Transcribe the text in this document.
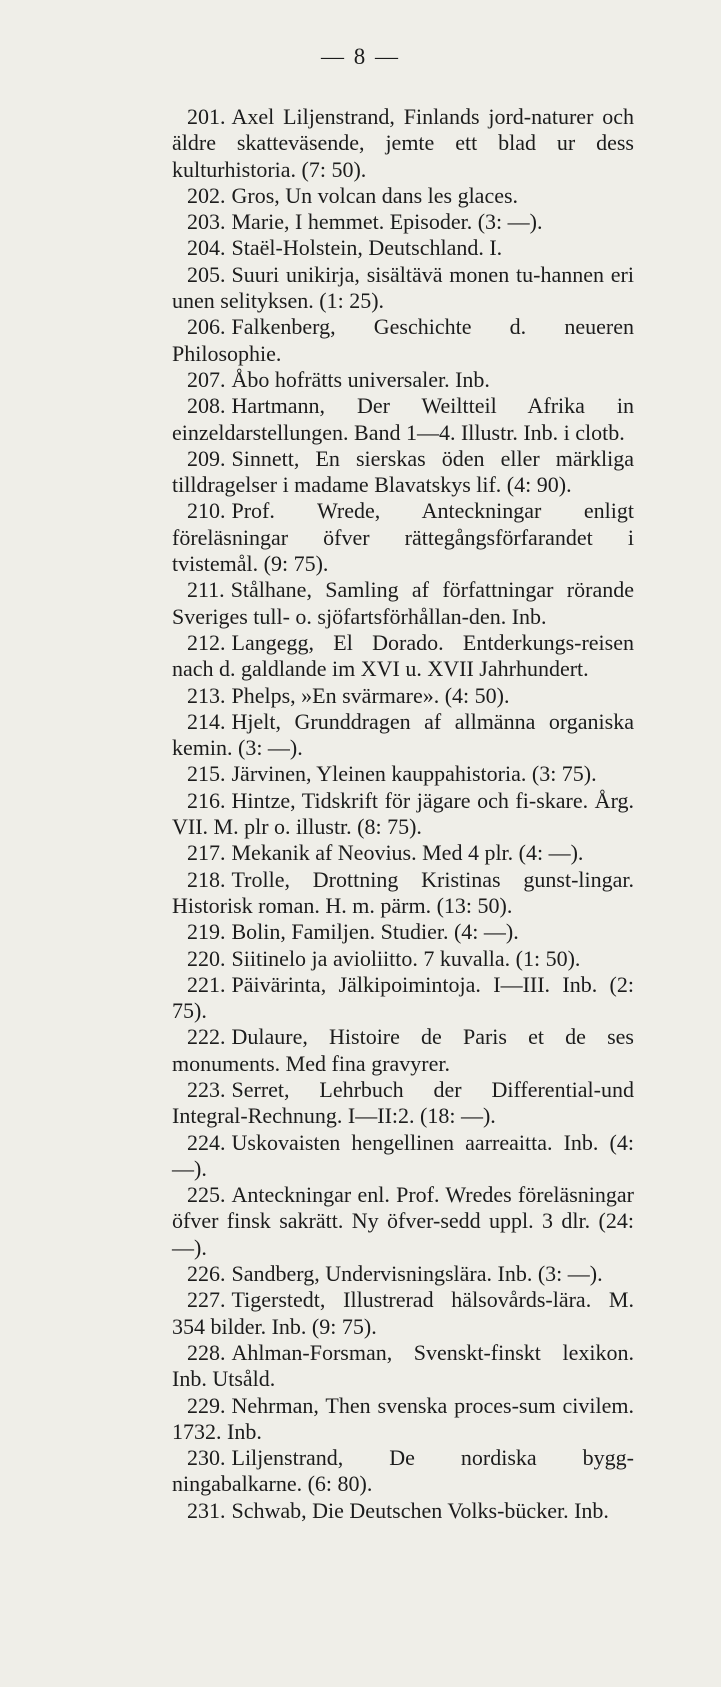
— 8 —

201. Axel Liljenstrand, Finlands jord-naturer och äldre skatteväsende, jemte ett blad ur dess kulturhistoria. (7: 50).

202. Gros, Un volcan dans les glaces.

203. Marie, I hemmet. Episoder. (3: —).

204. Staël-Holstein, Deutschland. I.

205. Suuri unikirja, sisältävä monen tu-hannen eri unen selityksen. (1: 25).

206. Falkenberg, Geschichte d. neueren Philosophie.

207. Åbo hofrätts universaler. Inb.

208. Hartmann, Der Weiltteil Afrika in einzeldarstellungen. Band 1—4. Illustr. Inb. i clotb.

209. Sinnett, En sierskas öden eller märkliga tilldragelser i madame Blavatskys lif. (4: 90).

210. Prof. Wrede, Anteckningar enligt föreläsningar öfver rättegångsförfarandet i tvistemål. (9: 75).

211. Stålhane, Samling af författningar rörande Sveriges tull- o. sjöfartsförhållan-den. Inb.

212. Langegg, El Dorado. Entderkungs-reisen nach d. galdlande im XVI u. XVII Jahrhundert.

213. Phelps, »En svärmare». (4: 50).

214. Hjelt, Grunddragen af allmänna organiska kemin. (3: —).

215. Järvinen, Yleinen kauppahistoria. (3: 75).

216. Hintze, Tidskrift för jägare och fi-skare. Årg. VII. M. plr o. illustr. (8: 75).

217. Mekanik af Neovius. Med 4 plr. (4: —).

218. Trolle, Drottning Kristinas gunst-lingar. Historisk roman. H. m. pärm. (13: 50).

219. Bolin, Familjen. Studier. (4: —).

220. Siitinelo ja avioliitto. 7 kuvalla. (1: 50).

221. Päivärinta, Jälkipoimintoja. I—III. Inb. (2: 75).

222. Dulaure, Histoire de Paris et de ses monuments. Med fina gravyrer.

223. Serret, Lehrbuch der Differential-und Integral-Rechnung. I—II:2. (18: —).

224. Uskovaisten hengellinen aarreaitta. Inb. (4: —).

225. Anteckningar enl. Prof. Wredes föreläsningar öfver finsk sakrätt. Ny öfver-sedd uppl. 3 dlr. (24: —).

226. Sandberg, Undervisningslära. Inb. (3: —).

227. Tigerstedt, Illustrerad hälsovårds-lära. M. 354 bilder. Inb. (9: 75).

228. Ahlman-Forsman, Svenskt-finskt lexikon. Inb. Utsåld.

229. Nehrman, Then svenska proces-sum civilem. 1732. Inb.

230. Liljenstrand, De nordiska bygg-ningabalkarne. (6: 80).

231. Schwab, Die Deutschen Volks-bücker. Inb.
